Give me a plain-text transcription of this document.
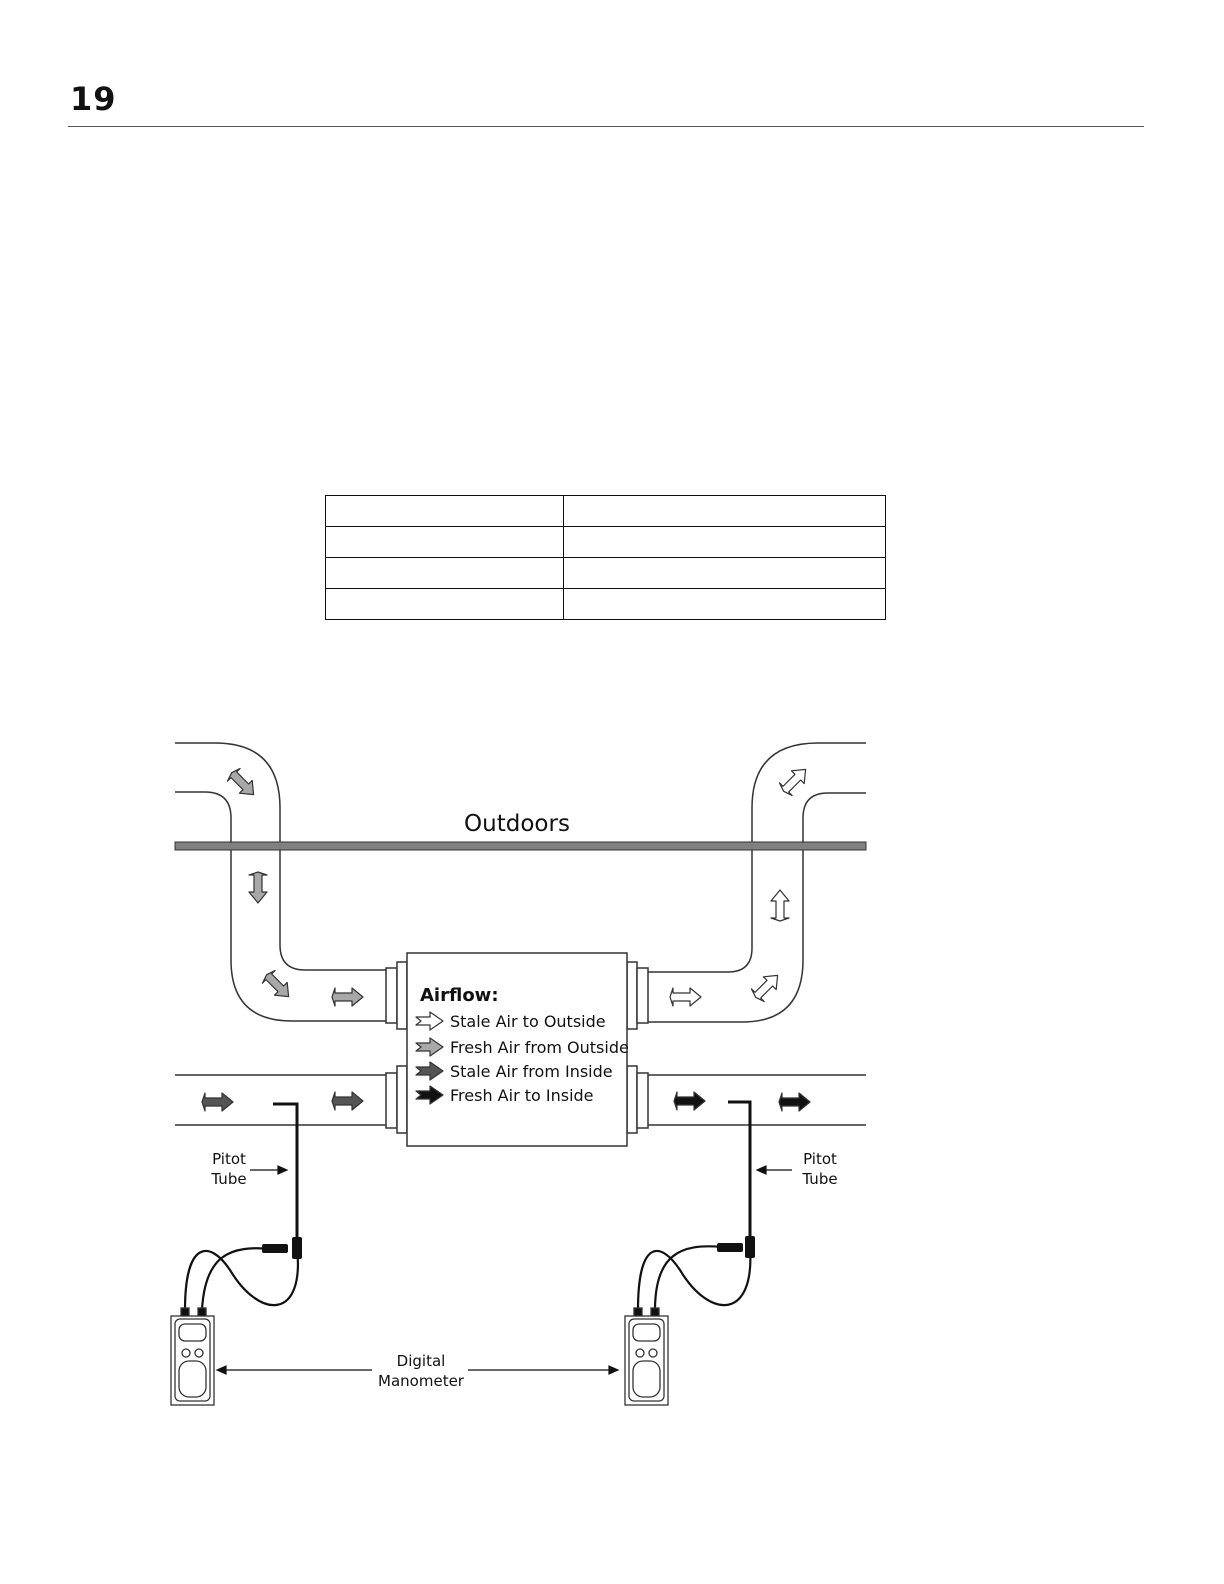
19

Outdoors
Airflow:
Stale Air to Outside
Fresh Air from Outside
Stale Air from Inside
Fresh Air to Inside
Pitot
Tube
Pitot
Tube
Digital
Manometer
